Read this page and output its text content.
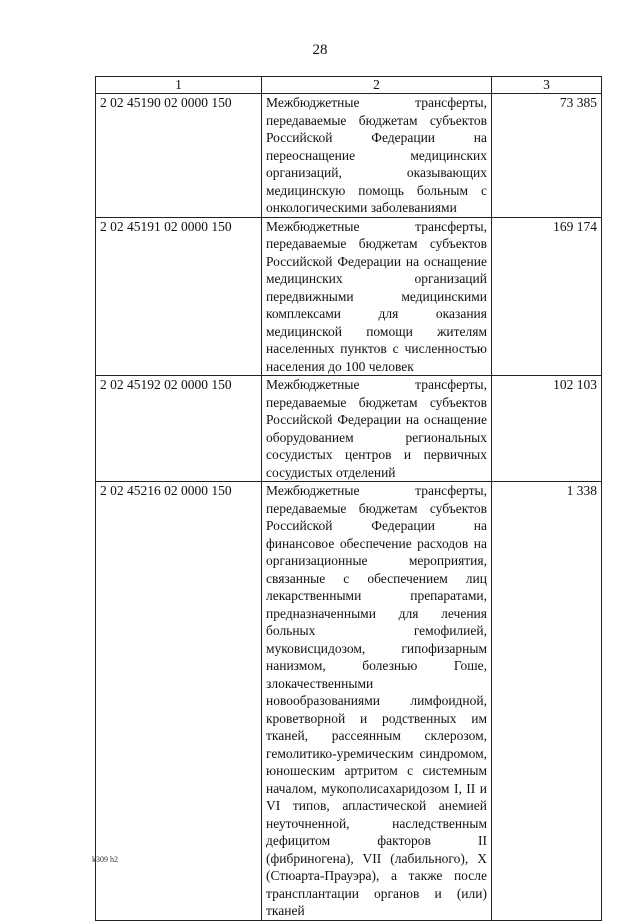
28
1	2	3
2 02 45190 02 0000 150	Межбюджетные трансферты, передаваемые бюджетам субъектов Российской Федерации на переоснащение медицинских организаций, оказывающих медицинскую помощь больным с онкологическими заболеваниями	73 385
2 02 45191 02 0000 150	Межбюджетные трансферты, передаваемые бюджетам субъектов Российской Федерации на оснащение медицинских организаций передвижными медицинскими комплексами для оказания медицинской помощи жителям населенных пунктов с численностью населения до 100 человек	169 174
2 02 45192 02 0000 150	Межбюджетные трансферты, передаваемые бюджетам субъектов Российской Федерации на оснащение оборудованием региональных сосудистых центров и первичных сосудистых отделений	102 103
2 02 45216 02 0000 150	Межбюджетные трансферты, передаваемые бюджетам субъектов Российской Федерации на финансовое обеспечение расходов на организационные мероприятия, связанные с обеспечением лиц лекарственными препаратами, предназначенными для лечения больных гемофилией, муковисцидозом, гипофизарным нанизмом, болезнью Гоше, злокачественными новообразованиями лимфоидной, кроветворной и родственных им тканей, рассеянным склерозом, гемолитико-уремическим синдромом, юношеским артритом с системным началом, мукополисахаридозом I, II и VI типов, апластической анемией неуточненной, наследственным дефицитом факторов II (фибриногена), VII (лабильного), X (Стюарта-Прауэра), а также после трансплантации органов и (или) тканей	1 338
k309 h2
